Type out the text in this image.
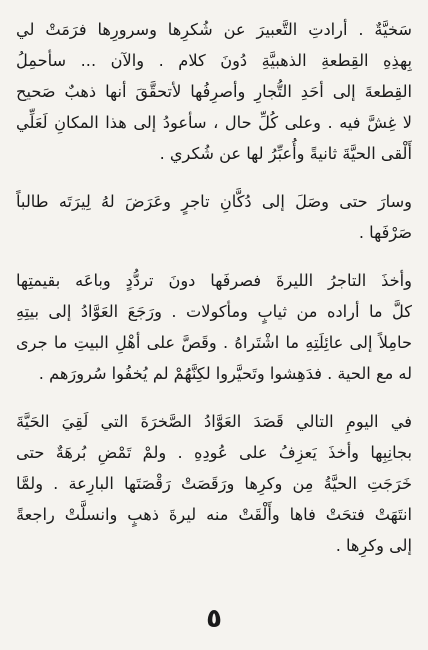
سَخيَّةٌ . أرادتِ التَّعبيرَ عن شُكرِها وسرورِها فرَمَتْ لي
بِهذِهِ القِطعةِ الذهبيَّةِ دُونَ كلام . والآن ... سأحمِلُ
القِطعةَ إلى أحَدِ التُّجارِ وأصرِفُها لأتحقَّقَ أنها ذهبٌ صَحيح
لا غِشَّ فيه . وعلى كُلِّ حال ، سأعودُ إلى هذا المكانِ لَعَلِّي
أَلْقى الحيَّةَ ثانيةً وأُعبِّرُ لها عن شُكري .

وسارَ حتى وصَلَ إلى دُكَّانِ تاجرٍ وعَرَضَ لهُ لِيرَتَه طالباً
صَرْفَها .

وأخذَ التاجرُ الليرةَ فصرفَها دونَ تردُّدٍ وباعَه بقيمتِها
كلَّ ما أراده من ثيابٍ ومأكولات . ورَجَعَ العَوَّادُ إلى بيتِهِ
حامِلاً إلى عائِلَتِهِ ما اشْتَراهُ . وقَصَّ على أهْلِ البيتِ ما جرى
له مع الحية . فدَهِشوا وتَحيَّروا لكِنَّهُمْ لم يُخفُوا سُرورَهم .

في اليومِ التالي قَصَدَ العَوَّادُ الصَّخرَةَ التي لَقِيَ الحَيَّةَ
بجانِبِها وأخذَ يَعزِفُ على عُودِهِ . ولمْ تَمْضِ بُرهَةٌ حتى
خَرَجَتِ الحيَّةُ مِن وكرِها ورَقَصَتْ رَقْصَتَها البارِعة . ولمَّا
انتَهَتْ فتحَتْ فاها وأَلْقَتْ منه ليرةَ ذهبٍ وانسلَّتْ راجعةً
إلى وكرِها .

٥
